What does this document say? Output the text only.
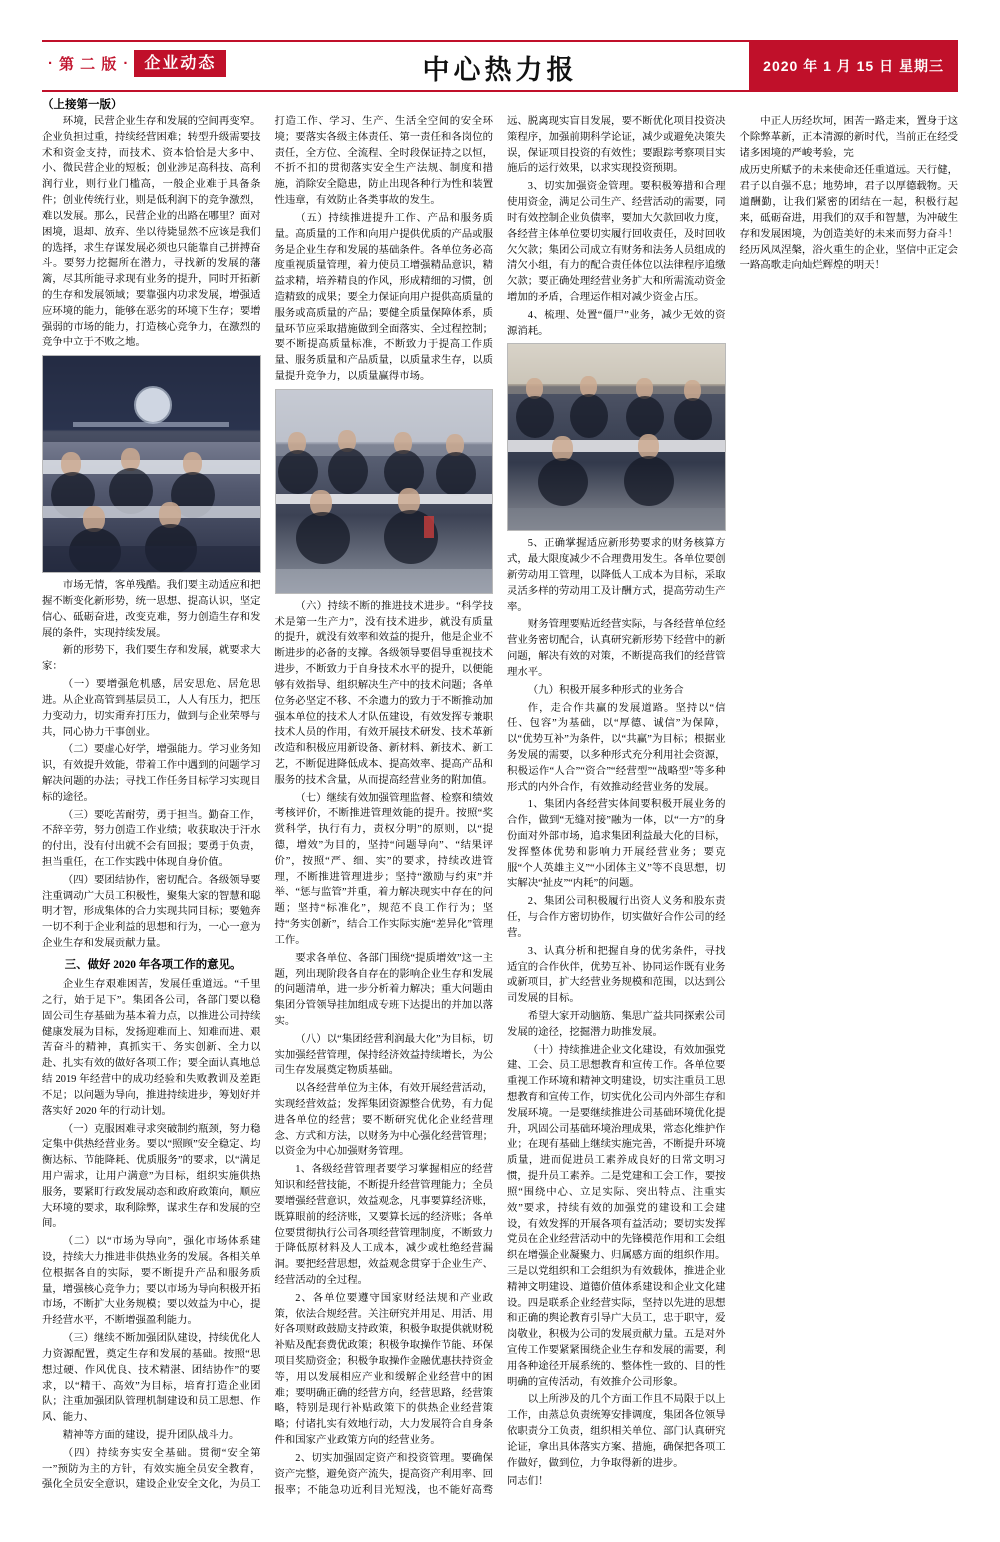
· 第 二 版 ·	企业动态	中心热力报	2020 年 1 月 15 日 星期三
（上接第一版）

环境，民营企业生存和发展的空间再变窄。企业负担过重，持续经营困难；转型升级需要技术和资金支持，而技术、资本恰恰是大多中、小、微民营企业的短板；创业涉足高科技、高利润行业，则行业门槛高，一般企业难于具备条件；创业传统行业，则是低利润下的竞争激烈，难以发展。那么，民营企业的出路在哪里？面对困境，退却、放弃、坐以待毙显然不应该是我们的选择，求生存谋发展必须也只能靠自己拼搏奋斗。要努力挖掘所在潜力，寻找新的发展的藩篱，尽其所能寻求现有业务的提升，同时开拓新的生存和发展领域；要靠强内功求发展，增强适应环境的能力，能够在恶劣的环境下生存；要增强弱的市场的能力，打造核心竞争力，在激烈的竞争中立于不败之地。

市场无情，客单残酷。我们要主动适应和把握不断变化新形势，统一思想、提高认识，坚定信心、砥砺奋进，改变克难，努力创造生存和发展的条件，实现持续发展。

新的形势下，我们要生存和发展，就要求大家：

（一）要增强危机感，居安思危、居危思进。从企业高管到基层员工，人人有压力，把压力变动力，切实甭弃打压力，做到与企业荣辱与共，同心协力干事创业。

（二）要虚心好学，增强能力。学习业务知识，有效提升效能，带着工作中遇到的问题学习解决问题的办法；寻找工作任务目标学习实现目标的途径。

（三）要吃苦耐劳，勇于担当。勤奋工作，不辞辛劳，努力创造工作业绩；收获取决于汗水的付出，没有付出就不会有回报；要勇于负责，担当重任，在工作实践中体现自身价值。

（四）要团结协作，密切配合。各级领导要注重调动广大员工积极性，聚集大家的智慧和聪明才智，形成集体的合力实现共同目标；要勉奔一切不利于企业利益的思想和行为，一心一意为企业生存和发展贡献力量。

三、做好 2020 年各项工作的意见。

企业生存艰难困苦，发展任重道远。“千里之行，始于足下”。集团各公司，各部门要以稳固公司生存基础为基本着力点，以推进公司持续健康发展为目标，发扬迎难而上、知难而进、艰苦奋斗的精神，真抓实干、务实创新、全力以赴、扎实有效的做好各项工作；要全面认真地总结 2019 年经营中的成功经验和失败教训及差距不足；以问题为导向，推进持续进步，筹划好并落实好 2020 年的行动计划。

（一）克服困难寻求突破制约瓶颈，努力稳定集中供热经营业务。要以“照顾”安全稳定、均衡达标、节能降耗、优质服务”的要求，以“满足用户需求，让用户满意”为目标，组织实施供热服务，要紧盯行政发展动态和政府政策向，顺应大环境的要求，取利除弊，谋求生存和发展的空间。

（二）以“市场为导向”，强化市场体系建设，持续大力推进非供热业务的发展。各相关单位根据各自的实际，要不断提升产品和服务质量，增强核心竞争力；要以市场为导向积极开拓市场，不断扩大业务规模；要以效益为中心，提升经营水平，不断增强盈利能力。

（三）继续不断加强团队建设，持续优化人力资源配置，奠定生存和发展的基础。按照“思想过硬、作风优良、技术精湛、团结协作”的要求，以“精干、高效”为目标，培育打造企业团队；注重加强团队管理机制建设和员工思想、作风、能力、

精神等方面的建设，提升团队战斗力。

（四）持续夯实安全基础。贯彻“安全第一”预防为主的方针，有效实施全员安全教育，强化全员安全意识，建设企业安全文化，为员工打造工作、学习、生产、生活全空间的安全环境；要落实各级主体责任、第一责任和各岗位的责任，全方位、全流程、全时段保证持之以恒，不折不扣的贯彻落实安全生产法规、制度和措施，消除安全隐患，防止出现各种行为性和装置性违章，有效防止各类事故的发生。

（五）持续推进提升工作、产品和服务质量。高质量的工作和向用户提供优质的产品或服务是企业生存和发展的基础条件。各单位务必高度重视质量管理，着力使员工增强精品意识，精益求精，培养精良的作风，形成精细的习惯，创造精致的成果；要全力保证向用户提供高质量的服务或高质量的产品；要健全质量保障体系，质量环节应采取措施做到全面落实、全过程控制；要不断提高质量标准，不断致力于提高工作质量、服务质量和产品质量，以质量求生存，以质量提升竞争力，以质量赢得市场。

（六）持续不断的推进技术进步。“科学技术是第一生产力”，没有技术进步，就没有质量的提升，就没有效率和效益的提升，他是企业不断进步的必备的支撑。各级领导要倡导重视技术进步，不断致力于自身技术水平的提升，以便能够有效指导、组织解决生产中的技术问题；各单位务必坚定不移、不余遗力的致力于不断推动加强本单位的技术人才队伍建设，有效发挥专兼职技术人员的作用，有效开展技术研发、技术革新改造和积极应用新设备、新材料、新技术、新工艺，不断促进降低成本、提高效率、提高产品和服务的技术含量，从而提高经营业务的附加值。

（七）继续有效加强管理监督、检察和绩效考核评价，不断推进管理效能的提升。按照“奖赏科学，执行有力，责权分明”的原则，以“提德，增效”为目的，坚持“问题导向”、“结果评价”，按照“严、细、实”的要求，持续改进管理，不断推进管理进步；坚持“激励与约束”并举、“惩与监管”并重，着力解决现实中存在的问题；坚持“标准化”，规范不良工作行为；坚持“务实创新”，结合工作实际实施“差异化”管理工作。

要求各单位、各部门围绕“提质增效”这一主题，列出现阶段各自存在的影响企业生存和发展的问题清单，进一步分析着力解决；重大问题由集团分管领导挂加组成专班下达提出的并加以落实。

（八）以“集团经营利润最大化”为目标，切实加强经营管理，保持经济效益持续增长，为公司生存发展奠定物质基础。

以各经营单位为主体，有效开展经营活动，实现经营效益；发挥集团资源整合优势，有力促进各单位的经营；要不断研究优化企业经营理念、方式和方法，以财务为中心强化经营管理；以资金为中心加强财务管理。

1、各级经营管理者要学习掌握相应的经营知识和经营技能，不断提升经营管理能力；全员要增强经营意识，效益观念，凡事要算经济账，既算眼前的经济账，又要算长远的经济账；各单位要贯彻执行公司各项经营管理制度，不断致力于降低原材料及人工成本，减少或杜绝经营漏洞。要把经营思想，效益观念贯穿于企业生产、经营活动的全过程。

2、各单位要遵守国家财经法规和产业政策，依法合规经营。关注研究并用足、用活、用好各项财政鼓励支持政策，积极争取提供就财税补贴及配套费优政策；积极争取操作节能、环保项目奖励资金；积极争取操作金融优惠扶持资金等，用以发展相应产业和缓解企业经营中的困难；要明确正确的经营方向，经营思路，经营策略，特别是现行补贴政策下的供热企业经营策略；付诸扎实有效地行动，大力发展符合自身条件和国家产业政策方向的经营业务。

2、切实加强固定资产和投资管理。要确保资产完整，避免资产流失，提高资产利用率、回报率；不能急功近利目光短浅，也不能好高骛远、脱离现实盲目发展，要不断优化项目投资决策程序，加强前期科学论证，减少或避免决策失误，保证项目投资的有效性；要跟踪考察项目实施后的运行效果，以求实现投资预期。

3、切实加强资金管理。要积极筹措和合理使用资金，满足公司生产、经营活动的需要，同时有效控制企业负债率，要加大欠款回收力度，各经营主体单位要切实履行回收责任，及时回收欠欠款；集团公司成立有财务和法务人员组成的清欠小组，有力的配合责任体位以法律程序追缴欠款；要正确处理经营业务扩大和所需流动资金增加的矛盾，合理运作相对减少资金占压。

4、梳理、处置“僵尸”业务，减少无效的资源消耗。

5、正确掌握适应新形势要求的财务核算方式，最大限度减少不合理费用发生。各单位要创新劳动用工管理，以降低人工成本为目标，采取灵活多样的劳动用工及计酬方式，提高劳动生产率。

财务管理要贴近经营实际，与各经营单位经营业务密切配合，认真研究新形势下经营中的新问题，解决有效的对策，不断提高我们的经营管理水平。

（九）积极开展多种形式的业务合

作，走合作共赢的发展道路。坚持以“信任、包容”为基础，以“厚德、诚信”为保障，以“优势互补”为条件，以“共赢”为目标；根据业务发展的需要，以多种形式充分利用社会资源，积极运作“人合”“资合”“经营型”“战略型”等多种形式的内外合作，有效推动经营业务的发展。

1、集团内各经营实体间要积极开展业务的合作，做到“无缝对接”融为一体，以“一方”的身份面对外部市场，追求集团利益最大化的目标，发挥整体优势和影响力开展经营业务；要克服“个人英雄主义”“小团体主义”等不良思想，切实解决“扯皮”“内耗”的问题。

2、集团公司积极履行出资人义务和股东责任，与合作方密切协作，切实做好合作公司的经营。

3、认真分析和把握自身的优劣条件，寻找适宜的合作伙伴，优势互补、协同运作既有业务或新项目，扩大经营业务规模和范围，以达到公司发展的目标。

希望大家开动脑筋、集思广益共同探索公司发展的途径，挖掘潜力助推发展。

（十）持续推进企业文化建设，有效加强党建、工会、员工思想教育和宣传工作。各单位要重视工作环境和精神文明建设，切实注重员工思想教育和宣传工作，切实优化公司内外部生存和发展环境。一是要继续推进公司基础环境优化提升，巩固公司基础环境治理成果，常态化维护作业；在现有基础上继续实施完善，不断提升环境质量，进而促进员工素养成良好的日常文明习惯，提升员工素养。二是党建和工会工作，要按照“围绕中心、立足实际、突出特点、注重实效”要求，持续有效的加强党的建设和工会建设，有效发挥的开展各项有益活动；要切实发挥党员在企业经营活动中的先锋模范作用和工会组织在增强企业凝聚力、归属感方面的组织作用。三是以党组织和工会组织为有效载体，推进企业精神文明建设、道德价值体系建设和企业文化建设。四是联系企业经营实际，坚持以先进的思想和正确的舆论教育引导广大员工，忠于职守，爱岗敬业，积极为公司的发展贡献力量。五是对外宣传工作要紧紧围绕企业生存和发展的需要，利用各种途径开展系统的、整体性一致的、目的性明确的宣传活动，有效推介公司形象。

以上所涉及的几个方面工作且不局限于以上工作，由蒸总负责统筹安排调度，集团各位领导依职责分工负责，组织相关单位、部门认真研究论证，拿出具体落实方案、措施，确保把各项工作做好，做到位，力争取得新的进步。

同志们！

中正人历经坎坷，困苦一路走来，置身于这个除弊革新，正本清源的新时代，当前正在经受诸多困境的严峻考验，完

成历史所赋予的未来使命还任重道远。天行健，君子以自强不息；地势坤，君子以厚德载物。天道酬勤，让我们紧密的团结在一起，积极行起来，砥砺奋进，用我们的双手和智慧，为冲破生存和发展困境，为创造美好的未来而努力奋斗！经历风凤涅槃，浴火重生的企业，坚信中正定会一路高歌走向灿烂辉煌的明天！
